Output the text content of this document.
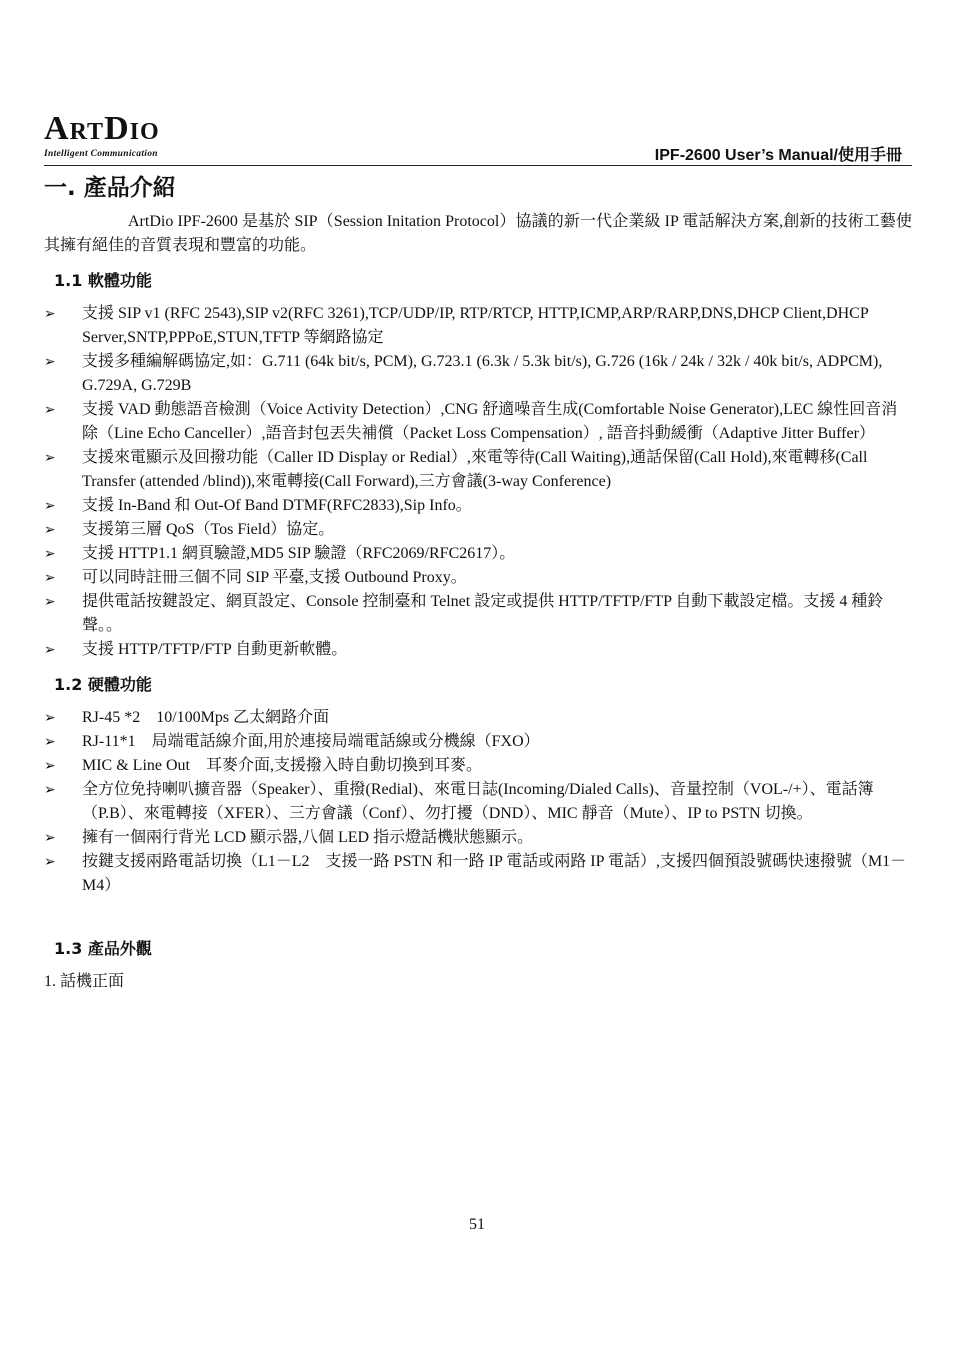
ARTDIO
Intelligent Communication	IPF-2600 User’s Manual/使用手冊
一. 產品介紹

ArtDio IPF-2600 是基於 SIP（Session Initation Protocol）協議的新一代企業級 IP 電話解決方案,創新的技術工藝使其擁有絕佳的音質表現和豐富的功能。

1.1 軟體功能
➢	支援 SIP v1 (RFC 2543),SIP v2(RFC 3261),TCP/UDP/IP, RTP/RTCP, HTTP,ICMP,ARP/RARP,DNS,DHCP Client,DHCP Server,SNTP,PPPoE,STUN,TFTP 等網路協定
➢	支援多種編解碼協定,如：G.711 (64k bit/s, PCM), G.723.1 (6.3k / 5.3k bit/s), G.726 (16k / 24k / 32k / 40k bit/s, ADPCM), G.729A, G.729B
➢	支援 VAD 動態語音檢測（Voice Activity Detection）,CNG 舒適噪音生成(Comfortable Noise Generator),LEC 線性回音消除（Line Echo Canceller）,語音封包丟失補償（Packet Loss Compensation）, 語音抖動緩衝（Adaptive Jitter Buffer）
➢	支援來電顯示及回撥功能（Caller ID Display or Redial）,來電等待(Call Waiting),通話保留(Call Hold),來電轉移(Call Transfer (attended /blind)),來電轉接(Call Forward),三方會議(3-way Conference)
➢	支援 In-Band 和 Out-Of Band DTMF(RFC2833),Sip Info。
➢	支援第三層 QoS（Tos Field）協定。
➢	支援 HTTP1.1 網頁驗證,MD5 SIP 驗證（RFC2069/RFC2617）。
➢	可以同時註冊三個不同 SIP 平臺,支援 Outbound Proxy。
➢	提供電話按鍵設定、網頁設定、Console 控制臺和 Telnet 設定或提供 HTTP/TFTP/FTP 自動下載設定檔。支援 4 種鈴聲。。
➢	支援 HTTP/TFTP/FTP 自動更新軟體。
1.2 硬體功能
➢	RJ-45 *2　10/100Mps 乙太網路介面
➢	RJ-11*1　局端電話線介面,用於連接局端電話線或分機線（FXO）
➢	MIC & Line Out　耳麥介面,支援撥入時自動切換到耳麥。
➢	全方位免持喇叭擴音器（Speaker）、重撥(Redial)、來電日誌(Incoming/Dialed Calls)、音量控制（VOL-/+）、電話簿（P.B）、來電轉接（XFER）、三方會議（Conf）、勿打擾（DND）、MIC 靜音（Mute）、IP to PSTN 切換。
➢	擁有一個兩行背光 LCD 顯示器,八個 LED 指示燈話機狀態顯示。
➢	按鍵支援兩路電話切換（L1－L2　支援一路 PSTN 和一路 IP 電話或兩路 IP 電話）,支援四個預設號碼快速撥號（M1－M4）
1.3 產品外觀
1. 話機正面
51
